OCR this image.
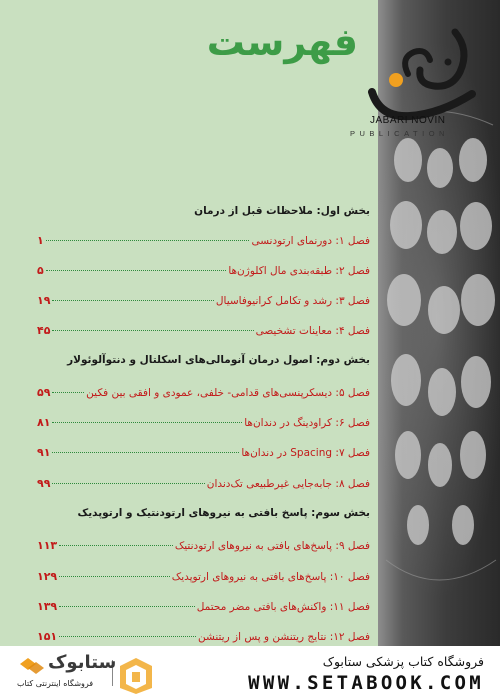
فهرست
JABARI NOVIN
PUBLICATION
بخش اول: ملاحظات قبل از درمان
فصل ۱: دورنمای ارتودنسی
۱
فصل ۲: طبقه‌بندی مال اکلوژن‌ها
۵
فصل ۳: رشد و تکامل کرانیوفاسیال
۱۹
فصل ۴: معاینات تشخیصی
۴۵
بخش دوم: اصول درمان آنومالی‌های اسکلتال و دنتوآلوئولار
فصل ۵: دیسکرپنسی‌های قدامی- خلفی، عمودی و افقی بین فکین
۵۹
فصل ۶: کراودینگ در دندان‌ها
۸۱
فصل ۷: Spacing در دندان‌ها
۹۱
فصل ۸: جابه‌جایی غیرطبیعی تک‌دندان
۹۹
بخش سوم: پاسخ بافتی به نیروهای ارتودنتیک و ارتوپدیک
فصل ۹: پاسخ‌های بافتی به نیروهای ارتودنتیک
۱۱۳
فصل ۱۰: پاسخ‌های بافتی به نیروهای ارتوپدیک
۱۲۹
فصل ۱۱: واکنش‌های بافتی مضر محتمل
۱۳۹
فصل ۱۲: نتایج ریتنشن و پس از ریتنشن
۱۵۱
ستابوک
فروشگاه اینترنتی کتاب
فروشگاه کتاب پزشکی ستابوک
WWW.SETABOOK.COM
